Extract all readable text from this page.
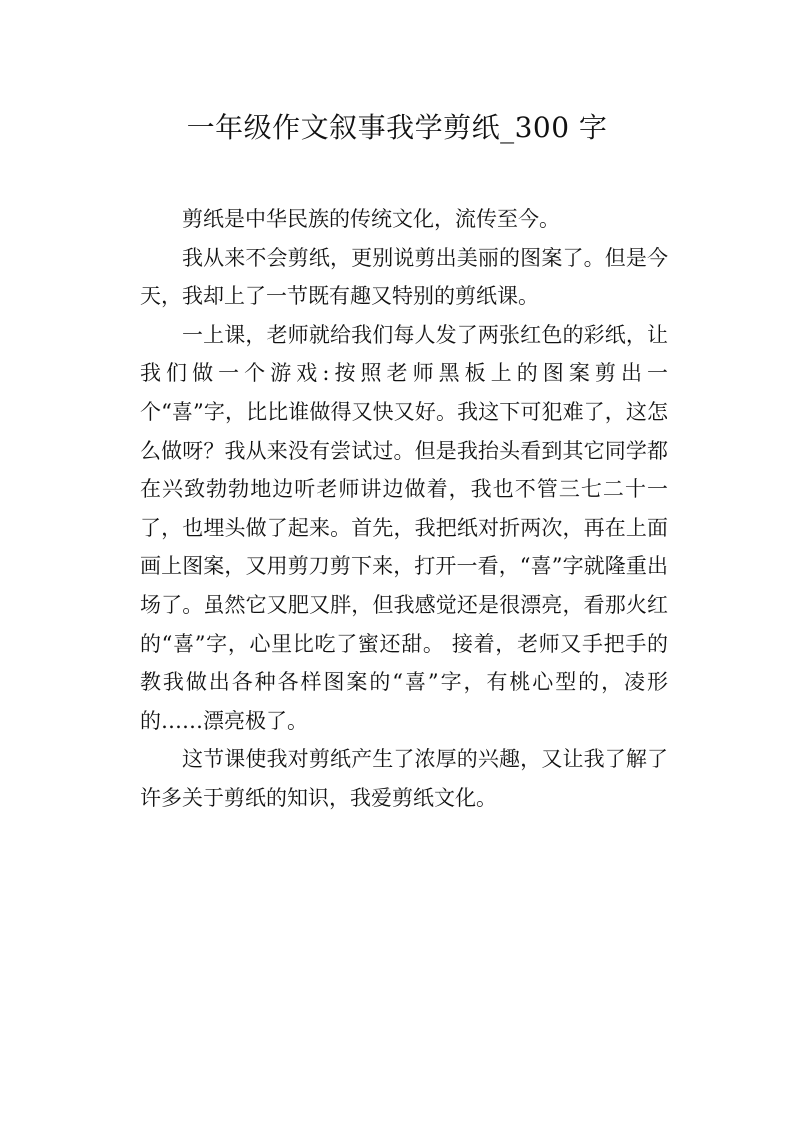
一年级作文叙事我学剪纸_300 字

剪纸是中华民族的传统文化，流传至今。

我从来不会剪纸，更别说剪出美丽的图案了。但是今天，我却上了一节既有趣又特别的剪纸课。

一上课，老师就给我们每人发了两张红色的彩纸，让我们做一个游戏:按照老师黑板上的图案剪出一个“喜”字，比比谁做得又快又好。我这下可犯难了，这怎么做呀？我从来没有尝试过。但是我抬头看到其它同学都在兴致勃勃地边听老师讲边做着，我也不管三七二十一了，也埋头做了起来。首先，我把纸对折两次，再在上面画上图案，又用剪刀剪下来，打开一看，“喜”字就隆重出场了。虽然它又肥又胖，但我感觉还是很漂亮，看那火红的“喜”字，心里比吃了蜜还甜。 接着，老师又手把手的教我做出各种各样图案的“喜”字，有桃心型的，凌形的……漂亮极了。

这节课使我对剪纸产生了浓厚的兴趣，又让我了解了许多关于剪纸的知识，我爱剪纸文化。
